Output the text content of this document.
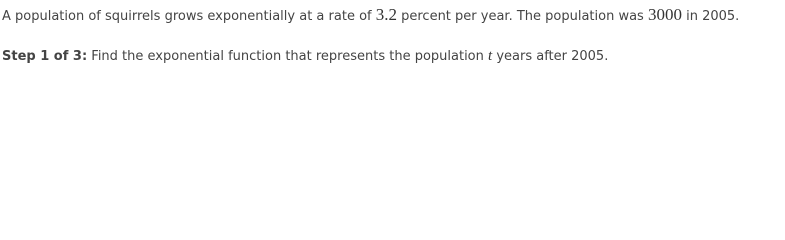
A population of squirrels grows exponentially at a rate of 3.2 percent per year. The population was 3000 in 2005.
Step 1 of 3: Find the exponential function that represents the population t years after 2005.
